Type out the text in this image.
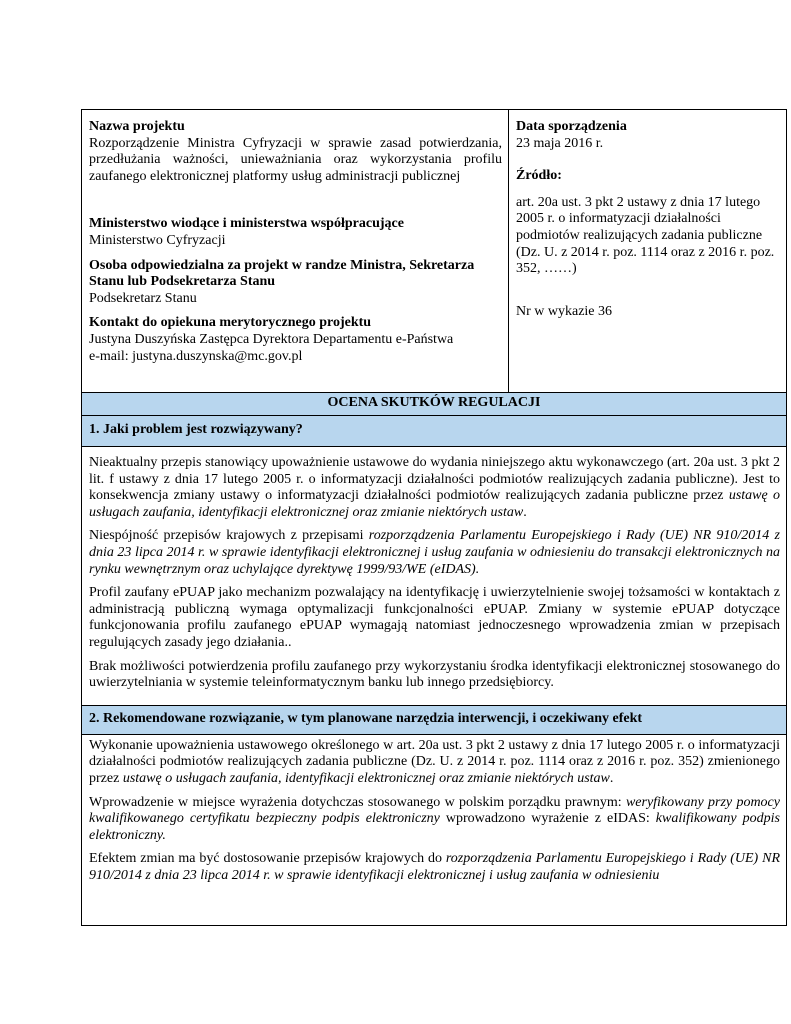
Nazwa projektu
Rozporządzenie Ministra Cyfryzacji w sprawie zasad potwierdzania, przedłużania ważności, unieważniania oraz wykorzystania profilu zaufanego elektronicznej platformy usług administracji publicznej
Ministerstwo wiodące i ministerstwa współpracujące
Ministerstwo Cyfryzacji
Osoba odpowiedzialna za projekt w randze Ministra, Sekretarza Stanu lub Podsekretarza Stanu
Podsekretarz Stanu
Kontakt do opiekuna merytorycznego projektu
Justyna Duszyńska Zastępca Dyrektora Departamentu e-Państwa
e-mail: justyna.duszynska@mc.gov.pl
Data sporządzenia
23 maja 2016 r.
Źródło:
art. 20a ust. 3 pkt 2 ustawy z dnia 17 lutego 2005 r. o informatyzacji działalności podmiotów realizujących zadania publiczne (Dz. U. z 2014 r. poz. 1114 oraz z 2016 r. poz. 352, ……)
Nr w wykazie 36
OCENA SKUTKÓW REGULACJI
1. Jaki problem jest rozwiązywany?

Nieaktualny przepis stanowiący upoważnienie ustawowe do wydania niniejszego aktu wykonawczego (art. 20a ust. 3 pkt 2 lit. f ustawy z dnia 17 lutego 2005 r. o informatyzacji działalności podmiotów realizujących zadania publiczne). Jest to konsekwencja zmiany ustawy o informatyzacji działalności podmiotów realizujących zadania publiczne przez ustawę o usługach zaufania, identyfikacji elektronicznej oraz zmianie niektórych ustaw.

Niespójność przepisów krajowych z przepisami rozporządzenia Parlamentu Europejskiego i Rady (UE) NR 910/2014 z dnia 23 lipca 2014 r. w sprawie identyfikacji elektronicznej i usług zaufania w odniesieniu do transakcji elektronicznych na rynku wewnętrznym oraz uchylające dyrektywę 1999/93/WE (eIDAS).

Profil zaufany ePUAP jako mechanizm pozwalający na identyfikację i uwierzytelnienie swojej tożsamości w kontaktach z administracją publiczną wymaga optymalizacji funkcjonalności ePUAP. Zmiany w systemie ePUAP dotyczące funkcjonowania profilu zaufanego ePUAP wymagają natomiast jednoczesnego wprowadzenia zmian w przepisach regulujących zasady jego działania..

Brak możliwości potwierdzenia profilu zaufanego przy wykorzystaniu środka identyfikacji elektronicznej stosowanego do uwierzytelniania w systemie teleinformatycznym banku lub innego przedsiębiorcy.

2. Rekomendowane rozwiązanie, w tym planowane narzędzia interwencji, i oczekiwany efekt

Wykonanie upoważnienia ustawowego określonego w art. 20a ust. 3 pkt 2 ustawy z dnia 17 lutego 2005 r. o informatyzacji działalności podmiotów realizujących zadania publiczne (Dz. U. z 2014 r. poz. 1114 oraz z 2016 r. poz. 352) zmienionego przez ustawę o usługach zaufania, identyfikacji elektronicznej oraz zmianie niektórych ustaw.

Wprowadzenie w miejsce wyrażenia dotychczas stosowanego w polskim porządku prawnym: weryfikowany przy pomocy kwalifikowanego certyfikatu bezpieczny podpis elektroniczny wprowadzono wyrażenie z eIDAS: kwalifikowany podpis elektroniczny.

Efektem zmian ma być dostosowanie przepisów krajowych do rozporządzenia Parlamentu Europejskiego i Rady (UE) NR 910/2014 z dnia 23 lipca 2014 r. w sprawie identyfikacji elektronicznej i usług zaufania w odniesieniu
